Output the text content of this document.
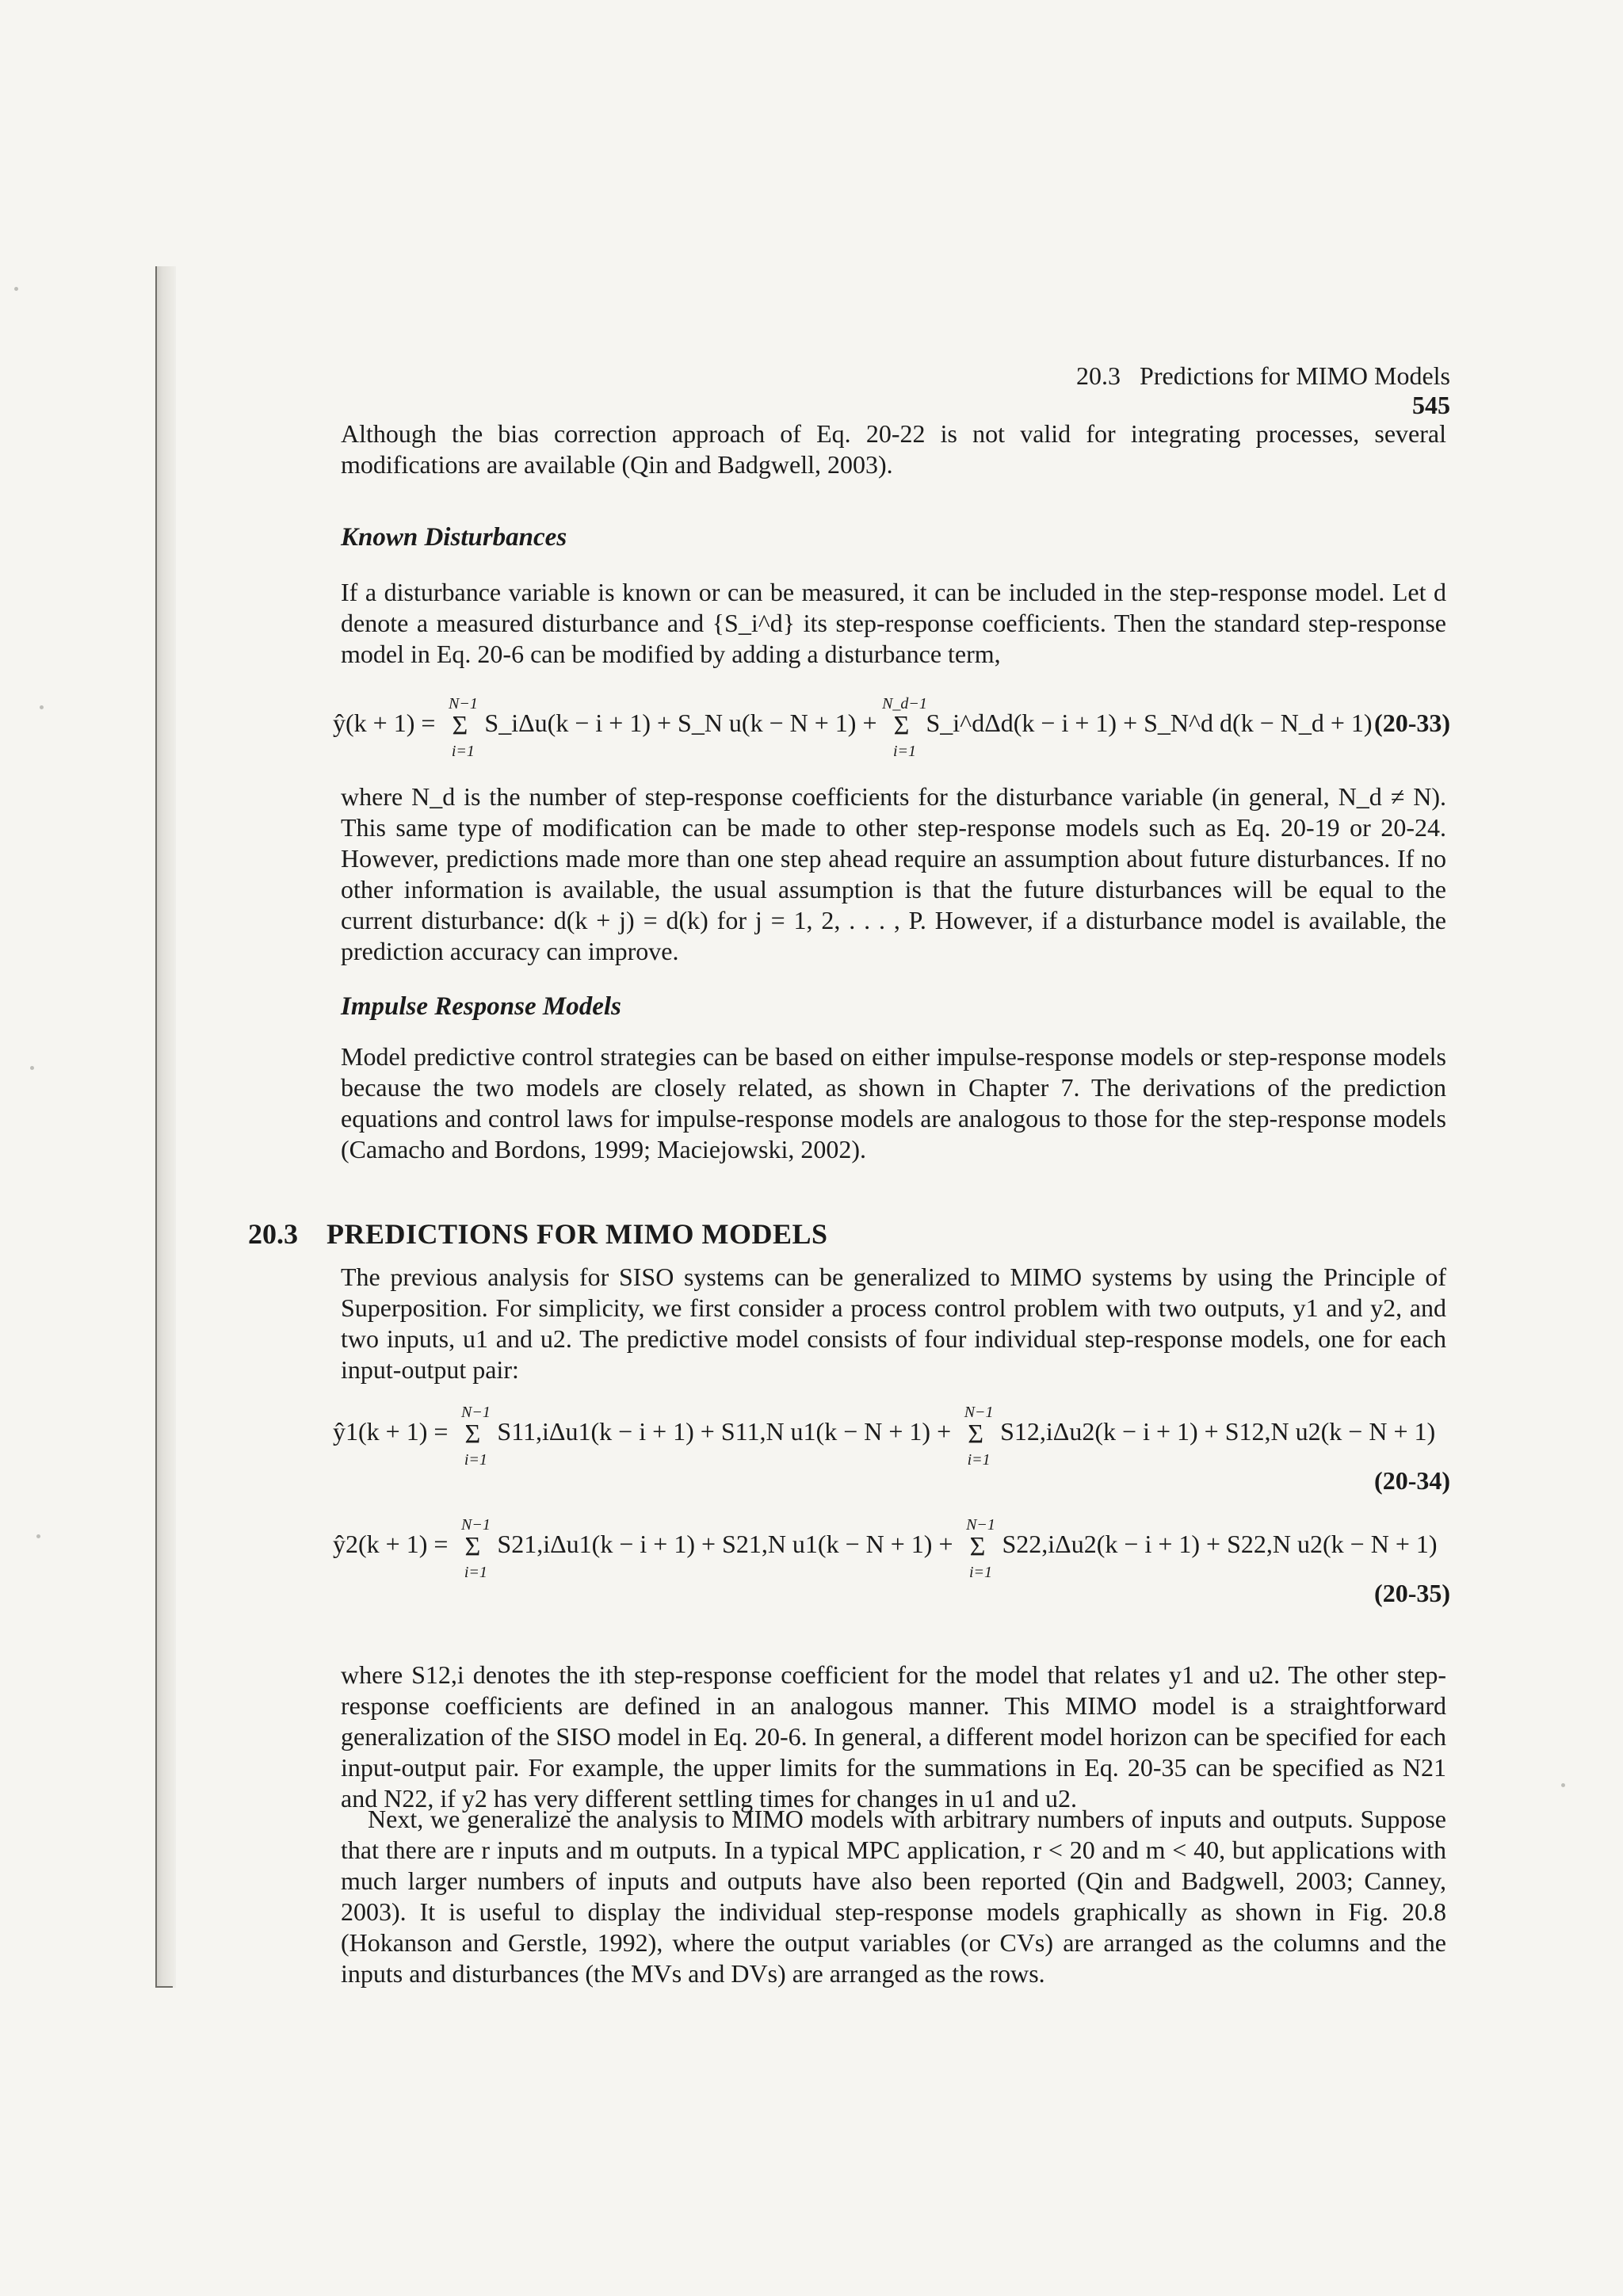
20.3 Predictions for MIMO Models 545

Although the bias correction approach of Eq. 20-22 is not valid for integrating processes, several modifications are available (Qin and Badgwell, 2003).

Known Disturbances

If a disturbance variable is known or can be measured, it can be included in the step-response model. Let d denote a measured disturbance and {S_i^d} its step-response coefficients. Then the standard step-response model in Eq. 20-6 can be modified by adding a disturbance term,

ŷ(k + 1) = Σ
N−1
i=1
S_iΔu(k − i + 1) + S_N u(k − N + 1) + Σ
N_d−1
i=1
S_i^dΔd(k − i + 1) + S_N^d d(k − N_d + 1) (20-33)

where N_d is the number of step-response coefficients for the disturbance variable (in general, N_d ≠ N). This same type of modification can be made to other step-response models such as Eq. 20-19 or 20-24. However, predictions made more than one step ahead require an assumption about future disturbances. If no other information is available, the usual assumption is that the future disturbances will be equal to the current disturbance: d(k + j) = d(k) for j = 1, 2, . . . , P. However, if a disturbance model is available, the prediction accuracy can improve.

Impulse Response Models

Model predictive control strategies can be based on either impulse-response models or step-response models because the two models are closely related, as shown in Chapter 7. The derivations of the prediction equations and control laws for impulse-response models are analogous to those for the step-response models (Camacho and Bordons, 1999; Maciejowski, 2002).

20.3 PREDICTIONS FOR MIMO MODELS

The previous analysis for SISO systems can be generalized to MIMO systems by using the Principle of Superposition. For simplicity, we first consider a process control problem with two outputs, y1 and y2, and two inputs, u1 and u2. The predictive model consists of four individual step-response models, one for each input-output pair:

ŷ1(k + 1) = Σ
N−1
i=1
S11,iΔu1(k − i + 1) + S11,N u1(k − N + 1) + Σ
N−1
i=1
S12,iΔu2(k − i + 1) + S12,N u2(k − N + 1)
(20-34)
ŷ2(k + 1) = Σ
N−1
i=1
S21,iΔu1(k − i + 1) + S21,N u1(k − N + 1) + Σ
N−1
i=1
S22,iΔu2(k − i + 1) + S22,N u2(k − N + 1)
(20-35)

where S12,i denotes the ith step-response coefficient for the model that relates y1 and u2. The other step-response coefficients are defined in an analogous manner. This MIMO model is a straightforward generalization of the SISO model in Eq. 20-6. In general, a different model horizon can be specified for each input-output pair. For example, the upper limits for the summations in Eq. 20-35 can be specified as N21 and N22, if y2 has very different settling times for changes in u1 and u2.

Next, we generalize the analysis to MIMO models with arbitrary numbers of inputs and outputs. Suppose that there are r inputs and m outputs. In a typical MPC application, r < 20 and m < 40, but applications with much larger numbers of inputs and outputs have also been reported (Qin and Badgwell, 2003; Canney, 2003). It is useful to display the individual step-response models graphically as shown in Fig. 20.8 (Hokanson and Gerstle, 1992), where the output variables (or CVs) are arranged as the columns and the inputs and disturbances (the MVs and DVs) are arranged as the rows.
